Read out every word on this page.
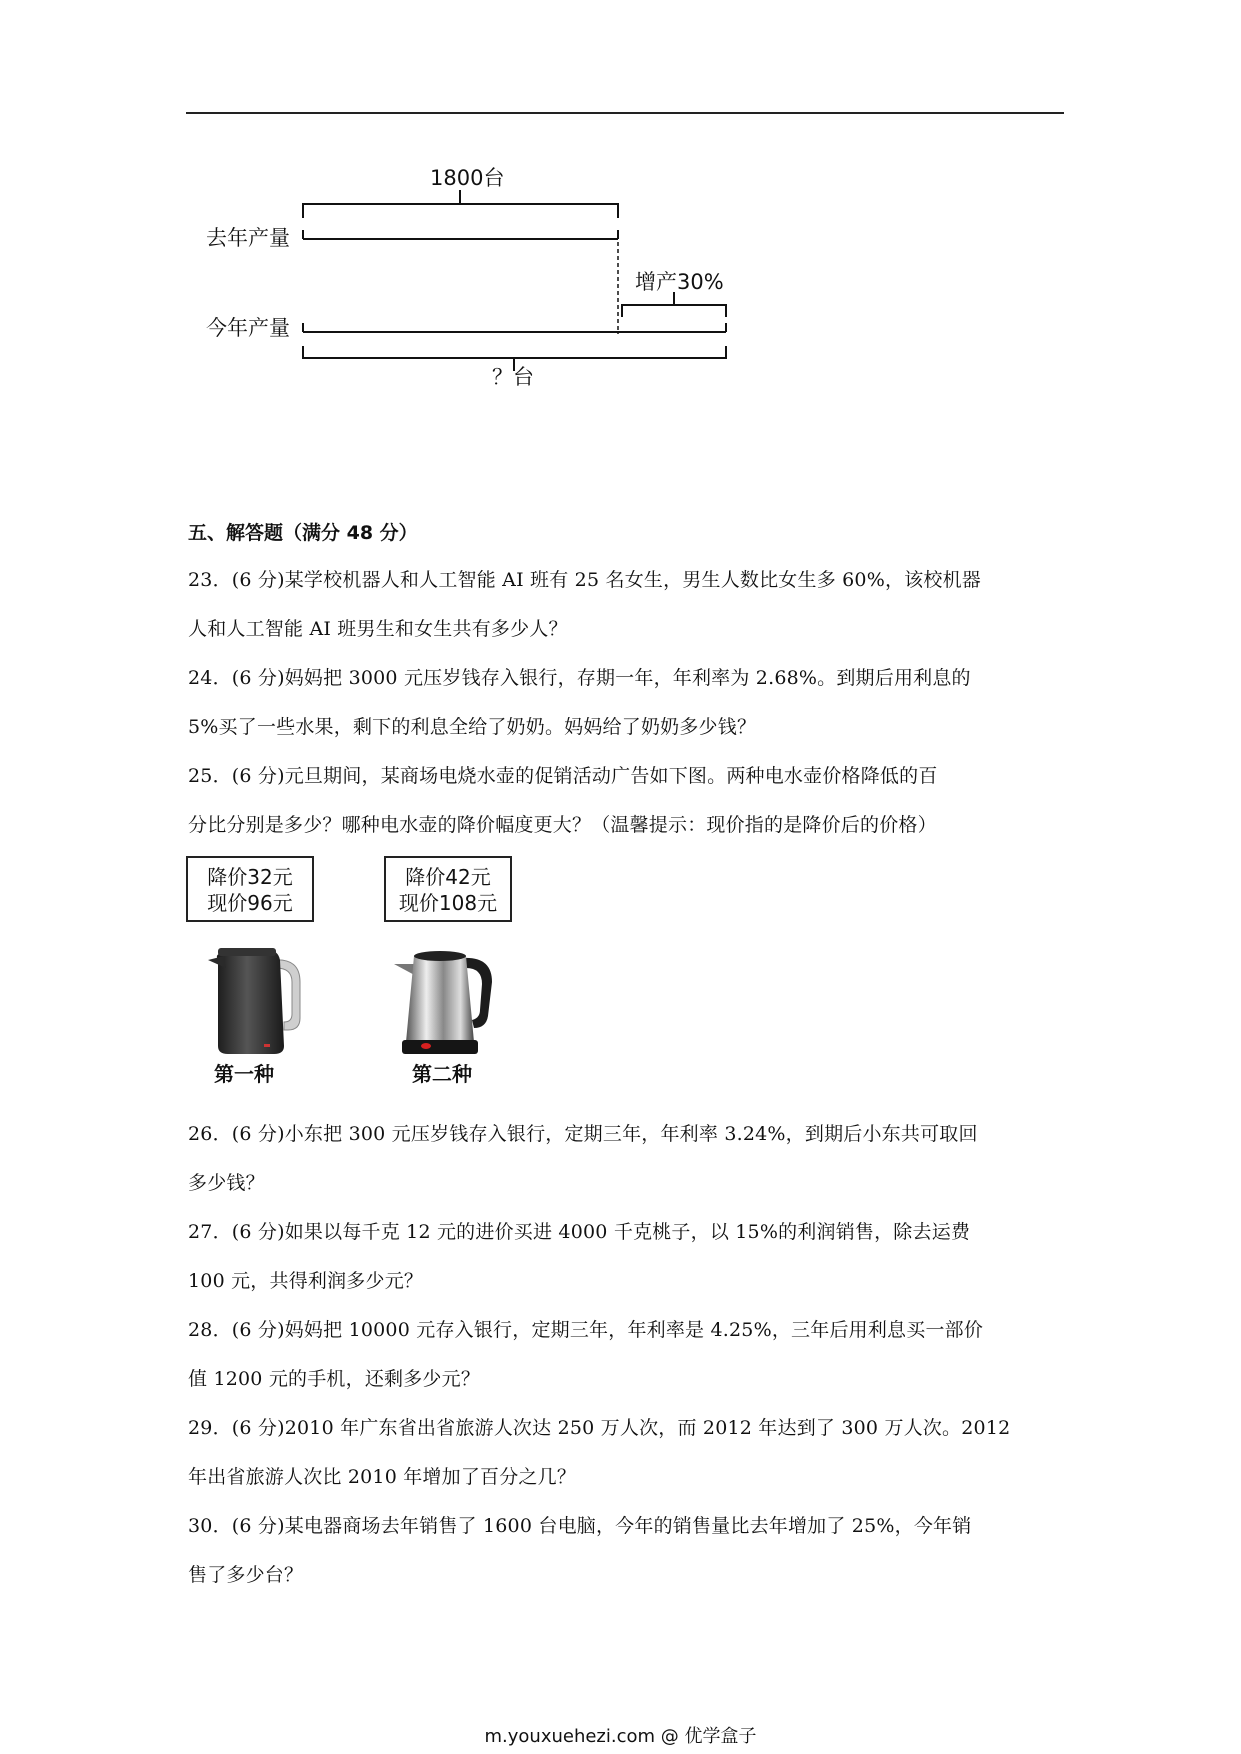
1800台
去年产量
增产30%
今年产量
？台
五、解答题（满分 48 分）
23．(6 分)某学校机器人和人工智能 AI 班有 25 名女生，男生人数比女生多 60%，该校机器
人和人工智能 AI 班男生和女生共有多少人？
24．(6 分)妈妈把 3000 元压岁钱存入银行，存期一年，年利率为 2.68%。到期后用利息的
5%买了一些水果，剩下的利息全给了奶奶。妈妈给了奶奶多少钱？
25．(6 分)元旦期间，某商场电烧水壶的促销活动广告如下图。两种电水壶价格降低的百
分比分别是多少？哪种电水壶的降价幅度更大？（温馨提示：现价指的是降价后的价格）
降价32元
现价96元
降价42元
现价108元
第一种	第二种
26．(6 分)小东把 300 元压岁钱存入银行，定期三年，年利率 3.24%，到期后小东共可取回
多少钱？
27．(6 分)如果以每千克 12 元的进价买进 4000 千克桃子，以 15%的利润销售，除去运费
100 元，共得利润多少元？
28．(6 分)妈妈把 10000 元存入银行，定期三年，年利率是 4.25%，三年后用利息买一部价
值 1200 元的手机，还剩多少元？
29．(6 分)2010 年广东省出省旅游人次达 250 万人次，而 2012 年达到了 300 万人次。2012
年出省旅游人次比 2010 年增加了百分之几？
30．(6 分)某电器商场去年销售了 1600 台电脑，今年的销售量比去年增加了 25%，今年销
售了多少台？
m.youxuehezi.com @ 优学盒子
